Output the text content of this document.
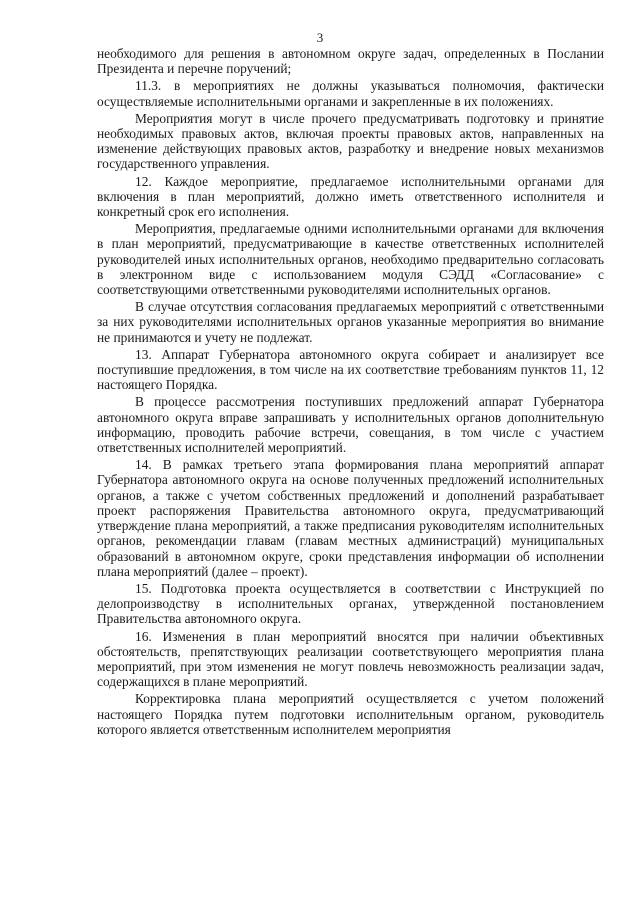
3

необходимого для решения в автономном округе задач, определенных в Послании Президента и перечне поручений;

11.3. в мероприятиях не должны указываться полномочия, фактически осуществляемые исполнительными органами и закрепленные в их положениях.

Мероприятия могут в числе прочего предусматривать подготовку и принятие необходимых правовых актов, включая проекты правовых актов, направленных на изменение действующих правовых актов, разработку и внедрение новых механизмов государственного управления.

12. Каждое мероприятие, предлагаемое исполнительными органами для включения в план мероприятий, должно иметь ответственного исполнителя и конкретный срок его исполнения.

Мероприятия, предлагаемые одними исполнительными органами для включения в план мероприятий, предусматривающие в качестве ответственных исполнителей руководителей иных исполнительных органов, необходимо предварительно согласовать в электронном виде с использованием модуля СЭДД «Согласование» с соответствующими ответственными руководителями исполнительных органов.

В случае отсутствия согласования предлагаемых мероприятий с ответственными за них руководителями исполнительных органов указанные мероприятия во внимание не принимаются и учету не подлежат.

13. Аппарат Губернатора автономного округа собирает и анализирует все поступившие предложения, в том числе на их соответствие требованиям пунктов 11, 12 настоящего Порядка.

В процессе рассмотрения поступивших предложений аппарат Губернатора автономного округа вправе запрашивать у исполнительных органов дополнительную информацию, проводить рабочие встречи, совещания, в том числе с участием ответственных исполнителей мероприятий.

14. В рамках третьего этапа формирования плана мероприятий аппарат Губернатора автономного округа на основе полученных предложений исполнительных органов, а также с учетом собственных предложений и дополнений разрабатывает проект распоряжения Правительства автономного округа, предусматривающий утверждение плана мероприятий, а также предписания руководителям исполнительных органов, рекомендации главам (главам местных администраций) муниципальных образований в автономном округе, сроки представления информации об исполнении плана мероприятий (далее – проект).

15. Подготовка проекта осуществляется в соответствии с Инструкцией по делопроизводству в исполнительных органах, утвержденной постановлением Правительства автономного округа.

16. Изменения в план мероприятий вносятся при наличии объективных обстоятельств, препятствующих реализации соответствующего мероприятия плана мероприятий, при этом изменения не могут повлечь невозможность реализации задач, содержащихся в плане мероприятий.

Корректировка плана мероприятий осуществляется с учетом положений настоящего Порядка путем подготовки исполнительным органом, руководитель которого является ответственным исполнителем мероприятия
